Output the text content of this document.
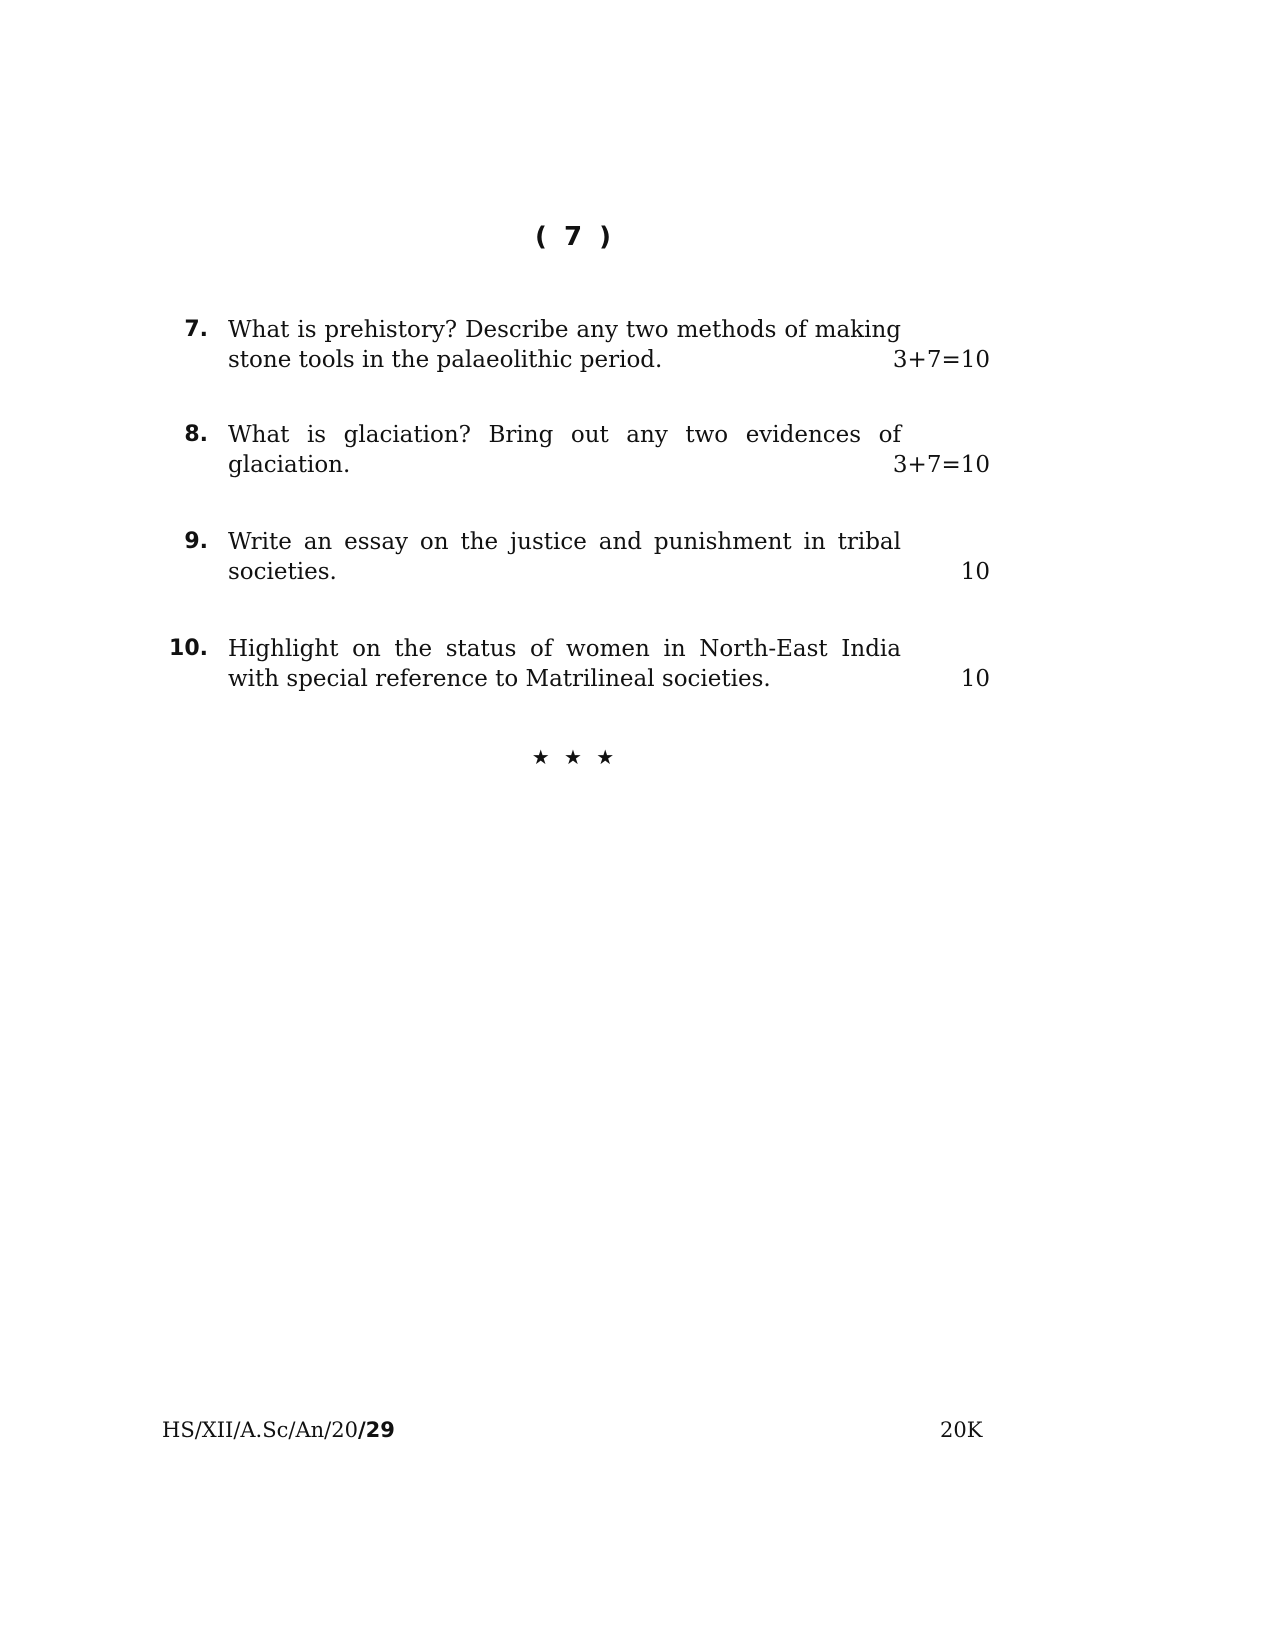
( 7 )
7. What is prehistory? Describe any two methods of making
stone tools in the palaeolithic period.	3+7=10
8. What is glaciation? Bring out any two evidences of
glaciation.	3+7=10
9. Write an essay on the justice and punishment in tribal
societies.	10
10. Highlight on the status of women in North-East India
with special reference to Matrilineal societies.	10
★ ★ ★
HS/XII/A.Sc/An/20/29	20K
